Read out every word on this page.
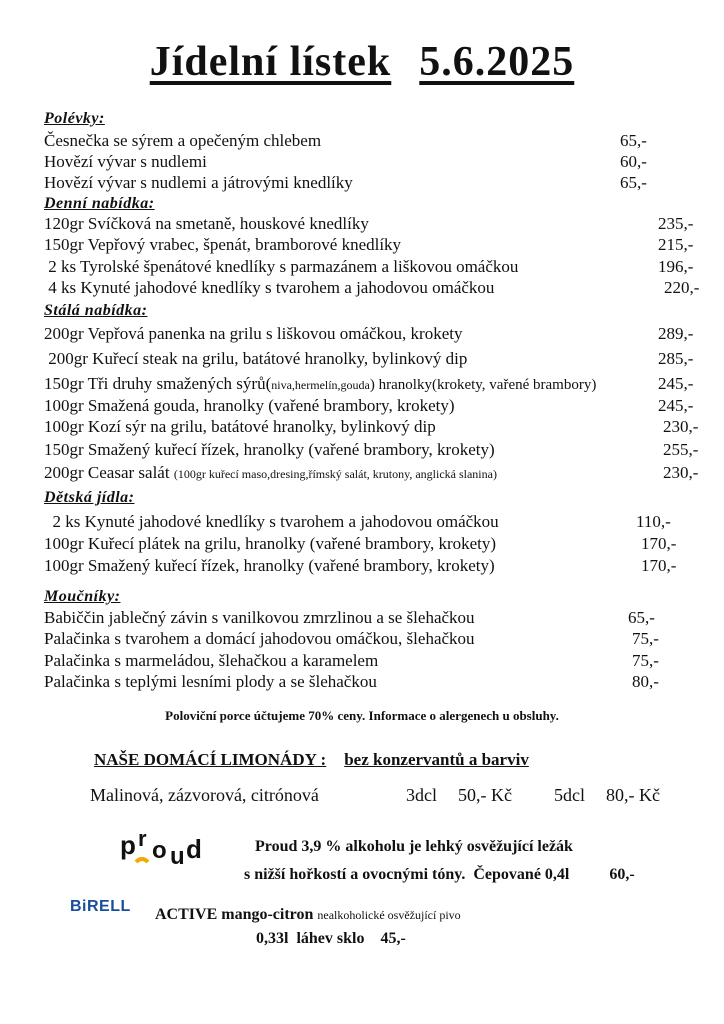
Jídelní lístek 5.6.2025
Polévky:
Česnečka se sýrem a opečeným chlebem	65,-
Hovězí vývar s nudlemi	60,-
Hovězí vývar s nudlemi a játrovými knedlíky	65,-
Denní nabídka:
120gr Svíčková na smetaně, houskové knedlíky	235,-
150gr Vepřový vrabec, špenát, bramborové knedlíky	215,-
2 ks Tyrolské špenátové knedlíky s parmazánem a liškovou omáčkou	196,-
4 ks Kynuté jahodové knedlíky s tvarohem a jahodovou omáčkou	220,-
Stálá nabídka:
200gr Vepřová panenka na grilu s liškovou omáčkou, krokety	289,-
200gr Kuřecí steak na grilu, batátové hranolky, bylinkový dip	285,-
150gr Tři druhy smažených sýrů(niva,hermelín,gouda) hranolky(krokety, vařené brambory)	245,-
100gr Smažená gouda, hranolky (vařené brambory, krokety)	245,-
100gr Kozí sýr na grilu, batátové hranolky, bylinkový dip	230,-
150gr Smažený kuřecí řízek, hranolky (vařené brambory, krokety)	255,-
200gr Ceasar salát (100gr kuřecí maso,dresing,římský salát, krutony, anglická slanina)	230,-
Dětská jídla:
2 ks Kynuté jahodové knedlíky s tvarohem a jahodovou omáčkou	110,-
100gr Kuřecí plátek na grilu, hranolky (vařené brambory, krokety)	170,-
100gr Smažený kuřecí řízek, hranolky (vařené brambory, krokety)	170,-
Moučníky:
Babiččin jablečný závin s vanilkovou zmrzlinou a se šlehačkou	65,-
Palačinka s tvarohem a domácí jahodovou omáčkou, šlehačkou	75,-
Palačinka s marmeládou, šlehačkou a karamelem	75,-
Palačinka s teplými lesními plody a se šlehačkou	80,-
Poloviční porce účtujeme 70% ceny. Informace o alergenech u obsluhy.
NAŠE DOMÁCÍ LIMONÁDY : bez konzervantů a barviv
Malinová, zázvorová, citrónová	3dcl 50,- Kč 5dcl 80,- Kč
p r o u d	Proud 3,9 % alkoholu je lehký osvěžující ležák
s nižší hořkostí a ovocnými tóny. Čepované 0,4l	60,-
BiRELL ACTIVE mango-citron nealkoholické osvěžující pivo
0,33l láhev sklo 45,-
